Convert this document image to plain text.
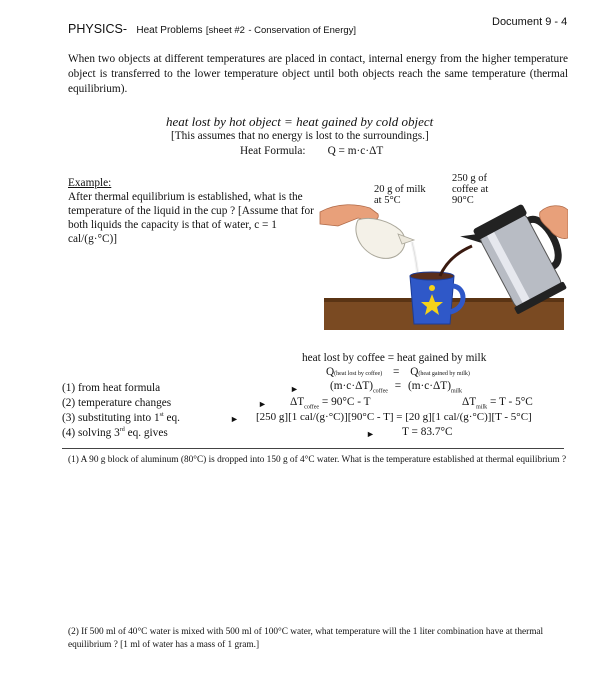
Document 9 - 4
PHYSICS- Heat Problems [sheet #2 - Conservation of Energy]
When two objects at different temperatures are placed in contact, internal energy from the higher temperature object is transferred to the lower temperature object until both objects reach the same temperature (thermal equilibrium).
heat lost by hot object = heat gained by cold object
[This assumes that no energy is lost to the surroundings.]
Heat Formula: Q = m·c·ΔT
Example:
After thermal equilibrium is established, what is the temperature of the liquid in the cup ? [Assume that for both liquids the capacity is that of water, c = 1 cal/(g·°C)]
20 g of milk
at 5°C
250 g of
coffee at
90°C
heat lost by coffee = heat gained by milk
Q(heat lost by coffee) = Q(heat gained by milk)
(1) from heat formula	►	$(m\cdot c\cdot\Delta T)_{coffee} = (m\cdot c\cdot\Delta T)_{milk}$
(2) temperature changes	► $\Delta T_{coffee} = 90^\circ C - T$	$\Delta T_{milk} = T - 5^\circ C$
(3) substituting into 1st eq.	► [250 g][1 cal/(g·°C)][90°C - T] = [20 g][1 cal/(g·°C)][T - 5°C]
(4) solving 3rd eq. gives	► T = 83.7°C
(1) A 90 g block of aluminum (80°C) is dropped into 150 g of 4°C water. What is the temperature established at thermal equilibrium ?
(2) If 500 ml of 40°C water is mixed with 500 ml of 100°C water, what temperature will the 1 liter combination have at thermal equilibrium ? [1 ml of water has a mass of 1 gram.]
